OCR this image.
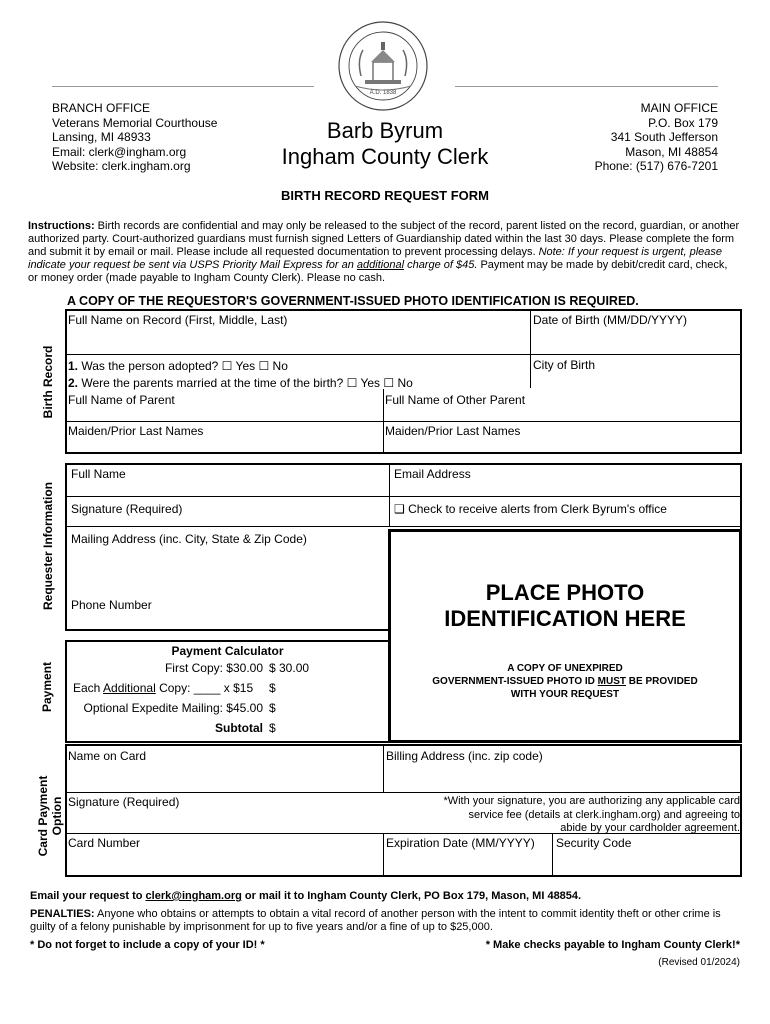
A.D. 1838
BRANCH OFFICE
Veterans Memorial Courthouse
Lansing, MI 48933
Email: clerk@ingham.org
Website: clerk.ingham.org
Barb Byrum
Ingham County Clerk
MAIN OFFICE
P.O. Box 179
341 South Jefferson
Mason, MI 48854
Phone: (517) 676-7201
BIRTH RECORD REQUEST FORM
Instructions: Birth records are confidential and may only be released to the subject of the record, parent listed on the record, guardian, or another authorized party. Court-authorized guardians must furnish signed Letters of Guardianship dated within the last 30 days. Please complete the form and submit it by email or mail. Please include all requested documentation to prevent processing delays. Note: If your request is urgent, please indicate your request be sent via USPS Priority Mail Express for an additional charge of $45. Payment may be made by debit/credit card, check, or money order (made payable to Ingham County Clerk). Please no cash.
A COPY OF THE REQUESTOR'S GOVERNMENT-ISSUED PHOTO IDENTIFICATION IS REQUIRED.
Birth Record
Full Name on Record (First, Middle, Last)	Date of Birth (MM/DD/YYYY)
1. Was the person adopted? ☐ Yes ☐ No
2. Were the parents married at the time of the birth? ☐ Yes ☐ No
City of Birth
Full Name of Parent	Full Name of Other Parent
Maiden/Prior Last Names	Maiden/Prior Last Names
Requester Information
Full Name	Email Address
Signature (Required)	❑ Check to receive alerts from Clerk Byrum's office
Mailing Address (inc. City, State & Zip Code)
Phone Number	PLACE PHOTO
IDENTIFICATION HERE
A COPY OF UNEXPIRED
GOVERNMENT-ISSUED PHOTO ID MUST BE PROVIDED
WITH YOUR REQUEST
Payment
Payment Calculator
First Copy: $30.00 $ 30.00
Each Additional Copy: ____ x $15	$
Optional Expedite Mailing: $45.00 $
Subtotal $
Card Payment Option
Name on Card	Billing Address (inc. zip code)
Signature (Required)	*With your signature, you are authorizing any applicable card
service fee (details at clerk.ingham.org) and agreeing to
abide by your cardholder agreement.
Card Number	Expiration Date (MM/YYYY)	Security Code
Email your request to clerk@ingham.org or mail it to Ingham County Clerk, PO Box 179, Mason, MI 48854.
PENALTIES: Anyone who obtains or attempts to obtain a vital record of another person with the intent to commit identity theft or other crime is guilty of a felony punishable by imprisonment for up to five years and/or a fine of up to $25,000.
* Do not forget to include a copy of your ID! *	* Make checks payable to Ingham County Clerk!*
(Revised 01/2024)
